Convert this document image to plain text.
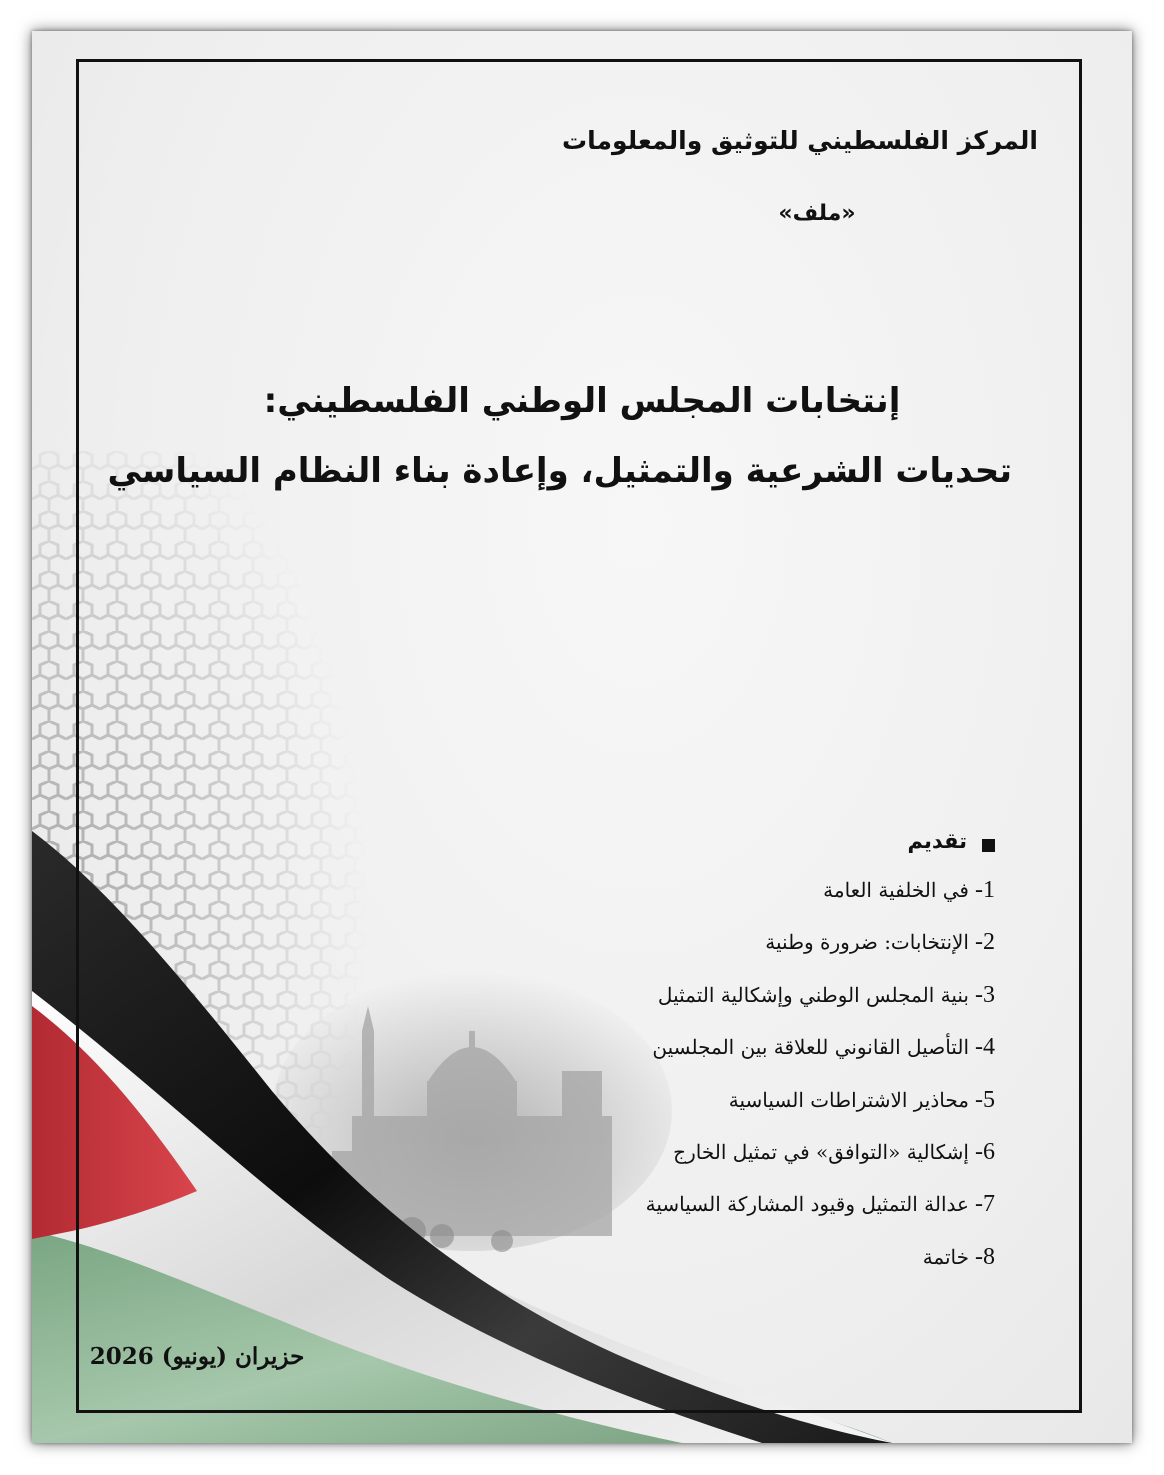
المركز الفلسطيني للتوثيق والمعلومات
«ملف»
إنتخابات المجلس الوطني الفلسطيني:
تحديات الشرعية والتمثيل، وإعادة بناء النظام السياسي
تقديم
1-في الخلفية العامة
2-الإنتخابات: ضرورة وطنية
3-بنية المجلس الوطني وإشكالية التمثيل
4-التأصيل القانوني للعلاقة بين المجلسين
5-محاذير الاشتراطات السياسية
6-إشكالية «التوافق» في تمثيل الخارج
7-عدالة التمثيل وقيود المشاركة السياسية
8-خاتمة
حزيران (يونيو) 2026
